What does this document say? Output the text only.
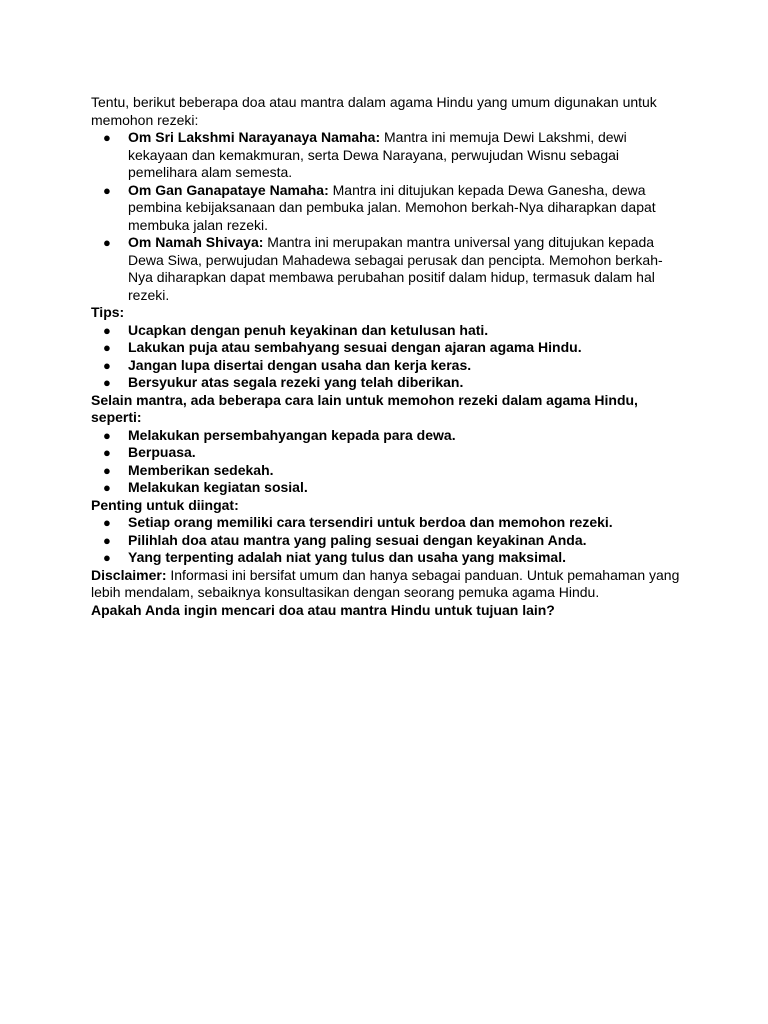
Tentu, berikut beberapa doa atau mantra dalam agama Hindu yang umum digunakan untuk memohon rezeki:

● Om Sri Lakshmi Narayanaya Namaha: Mantra ini memuja Dewi Lakshmi, dewi kekayaan dan kemakmuran, serta Dewa Narayana, perwujudan Wisnu sebagai pemelihara alam semesta.
● Om Gan Ganapataye Namaha: Mantra ini ditujukan kepada Dewa Ganesha, dewa pembina kebijaksanaan dan pembuka jalan. Memohon berkah-Nya diharapkan dapat membuka jalan rezeki.
● Om Namah Shivaya: Mantra ini merupakan mantra universal yang ditujukan kepada Dewa Siwa, perwujudan Mahadewa sebagai perusak dan pencipta. Memohon berkah-Nya diharapkan dapat membawa perubahan positif dalam hidup, termasuk dalam hal rezeki.

Tips:

● Ucapkan dengan penuh keyakinan dan ketulusan hati.
● Lakukan puja atau sembahyang sesuai dengan ajaran agama Hindu.
● Jangan lupa disertai dengan usaha dan kerja keras.
● Bersyukur atas segala rezeki yang telah diberikan.

Selain mantra, ada beberapa cara lain untuk memohon rezeki dalam agama Hindu, seperti:

● Melakukan persembahyangan kepada para dewa.
● Berpuasa.
● Memberikan sedekah.
● Melakukan kegiatan sosial.

Penting untuk diingat:

● Setiap orang memiliki cara tersendiri untuk berdoa dan memohon rezeki.
● Pilihlah doa atau mantra yang paling sesuai dengan keyakinan Anda.
● Yang terpenting adalah niat yang tulus dan usaha yang maksimal.

Disclaimer: Informasi ini bersifat umum dan hanya sebagai panduan. Untuk pemahaman yang lebih mendalam, sebaiknya konsultasikan dengan seorang pemuka agama Hindu.

Apakah Anda ingin mencari doa atau mantra Hindu untuk tujuan lain?
